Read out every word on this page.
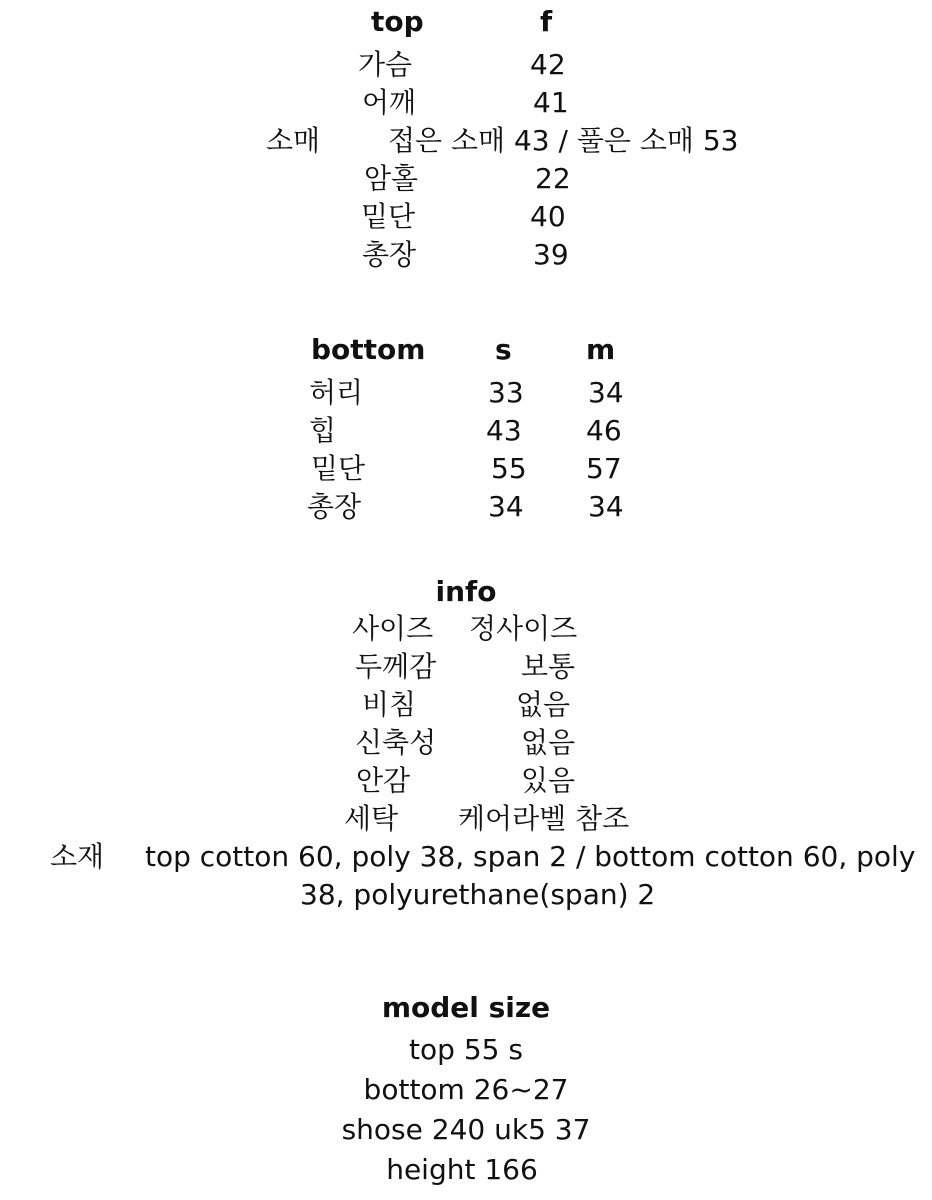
top	f
가슴	42
어깨	41
소매 접은 소매 43 / 풀은 소매 53
암홀	22
밑단	40
총장	39
bottom s	m
허리	33 34
힙	43 46
밑단	55 57
총장	34 34
info
사이즈 정사이즈
두께감	보통
비침	없음
신축성	없음
안감	있음
세탁 케어라벨 참조
소재 top cotton 60, poly 38, span 2 / bottom cotton 60, poly
38, polyurethane(span) 2
model size
top 55 s
bottom 26~27
shose 240 uk5 37
height 166
